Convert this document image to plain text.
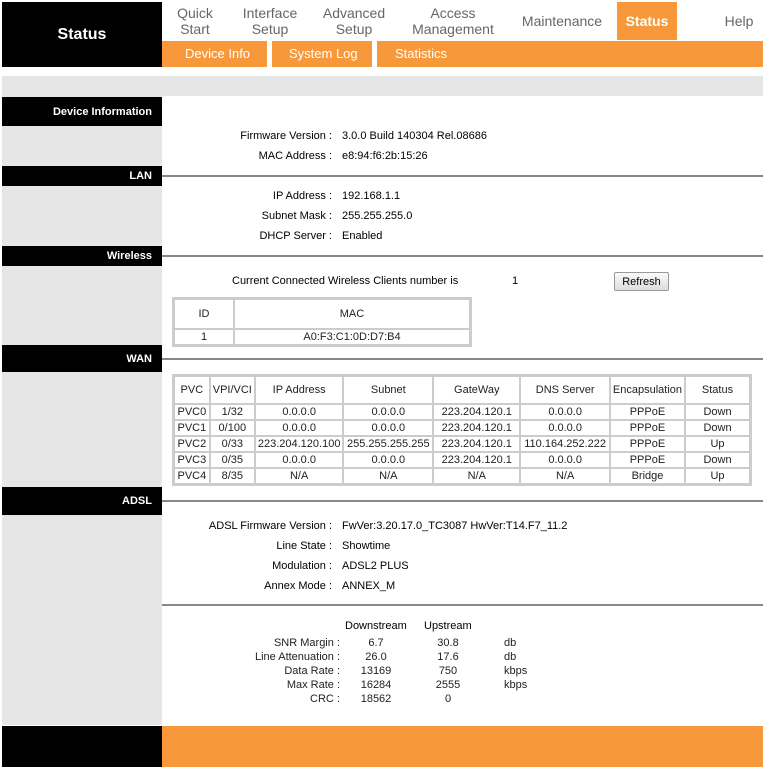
Status
Quick Start
Interface Setup
Advanced Setup
Access Management	Maintenance	Status	Help
Device Info	System Log	Statistics
Device Information
Firmware Version : 3.0.0 Build 140304 Rel.08686
MAC Address : e8:94:f6:2b:15:26
LAN
IP Address : 192.168.1.1
Subnet Mask : 255.255.255.0
DHCP Server : Enabled
Wireless
Current Connected Wireless Clients number is	1	Refresh
ID	MAC
1	A0:F3:C1:0D:D7:B4
WAN
PVC	VPI/VCI	IP Address	Subnet	GateWay	DNS Server	Encapsulation	Status
PVC0	1/32	0.0.0.0	0.0.0.0	223.204.120.1	0.0.0.0	PPPoE	Down
PVC1	0/100	0.0.0.0	0.0.0.0	223.204.120.1	0.0.0.0	PPPoE	Down
PVC2	0/33	223.204.120.100	255.255.255.255	223.204.120.1	110.164.252.222	PPPoE	Up
PVC3	0/35	0.0.0.0	0.0.0.0	223.204.120.1	0.0.0.0	PPPoE	Down
PVC4	8/35	N/A	N/A	N/A	N/A	Bridge	Up
ADSL
ADSL Firmware Version : FwVer:3.20.17.0_TC3087 HwVer:T14.F7_11.2
Line State : Showtime
Modulation : ADSL2 PLUS
Annex Mode : ANNEX_M
Downstream Upstream
SNR Margin :	6.7	30.8	db
Line Attenuation :	26.0	17.6	db
Data Rate :	13169	750	kbps
Max Rate :	16284	2555	kbps
CRC :	18562	0	
